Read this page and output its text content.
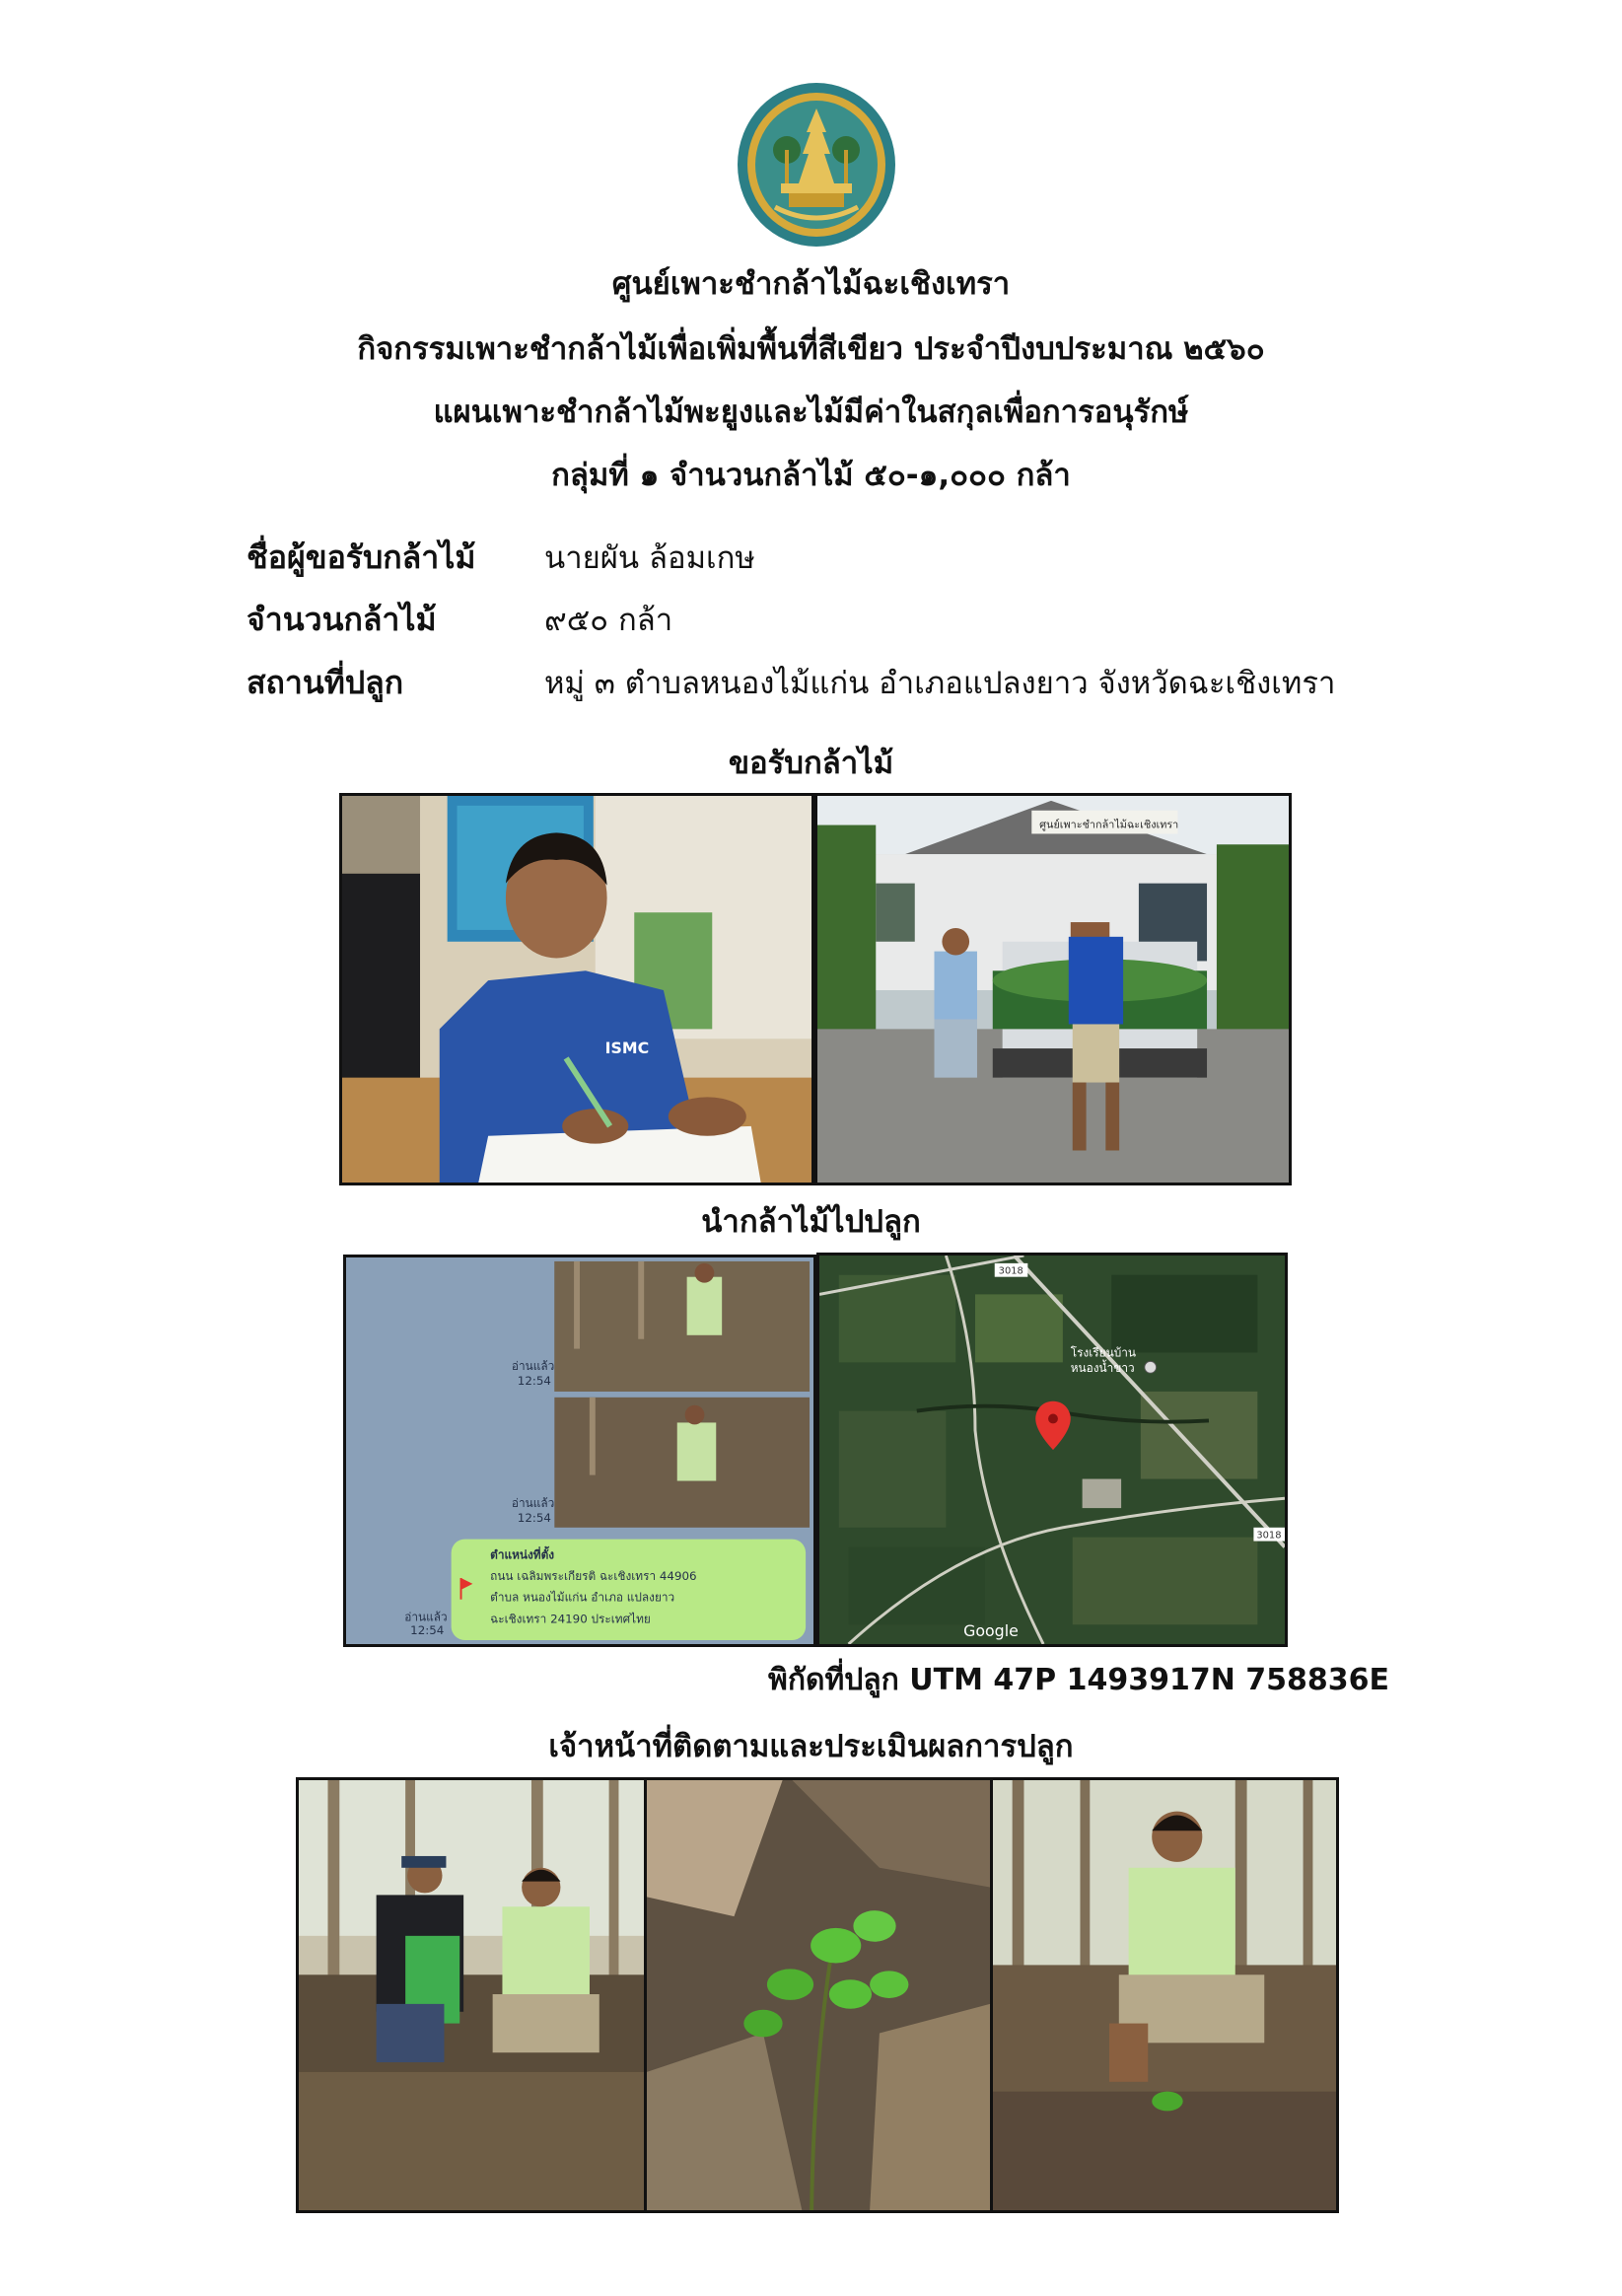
ศูนย์เพาะชำกล้าไม้ฉะเชิงเทรา
กิจกรรมเพาะชำกล้าไม้เพื่อเพิ่มพื้นที่สีเขียว ประจำปีงบประมาณ ๒๕๖๐
แผนเพาะชำกล้าไม้พะยูงและไม้มีค่าในสกุลเพื่อการอนุรักษ์
กลุ่มที่ ๑ จำนวนกล้าไม้ ๕๐-๑,๐๐๐ กล้า
ชื่อผู้ขอรับกล้าไม้ นายผัน ล้อมเกษ
จำนวนกล้าไม้	๙๕๐ กล้า
สถานที่ปลูก	หมู่ ๓ ตำบลหนองไม้แก่น อำเภอแปลงยาว จังหวัดฉะเชิงเทรา
ขอรับกล้าไม้
ISMC
ศูนย์เพาะชำกล้าไม้ฉะเชิงเทรา
นำกล้าไม้ไปปลูก
อ่านแล้ว
12:54
อ่านแล้ว
12:54
อ่านแล้ว
12:54
ตำแหน่งที่ตั้ง
ถนน เฉลิมพระเกียรติ ฉะเชิงเทรา 44906
ตำบล หนองไม้แก่น อำเภอ แปลงยาว
ฉะเชิงเทรา 24190 ประเทศไทย
โรงเรียนบ้าน
หนองน้ำขาว
3018
3018
Google
พิกัดที่ปลูก UTM 47P 1493917N 758836E
เจ้าหน้าที่ติดตามและประเมินผลการปลูก
